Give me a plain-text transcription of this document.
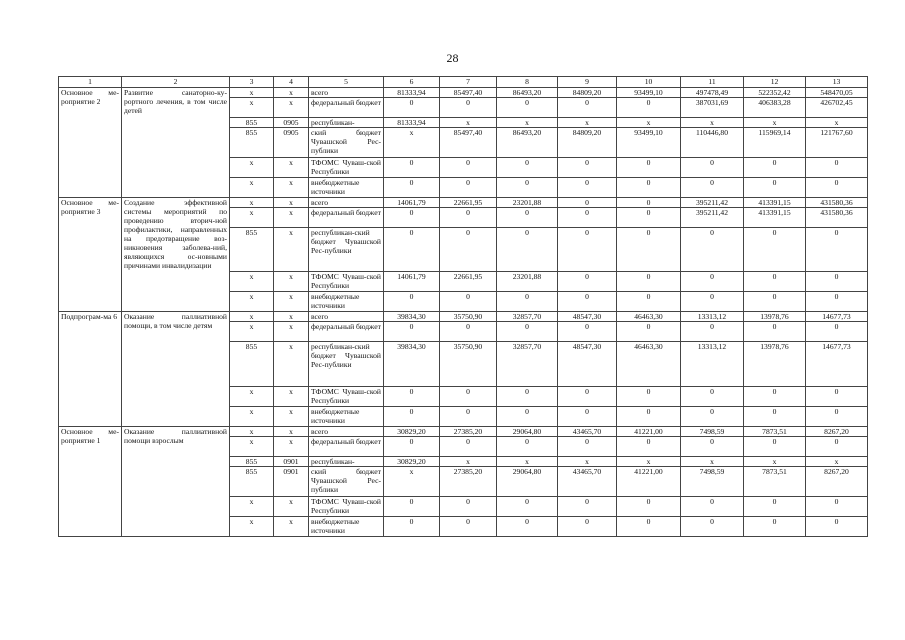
28
1	2	3	4	5	6	7	8	9	10	11	12	13
Основное ме-роприятие 2	Развитие санаторно-ку-рортного лечения, в том числе детей	x	x	всего	81333,94	85497,40	86493,20	84809,20	93499,10	497478,49	522352,42	548470,05
		x	x	федеральный бюджет	0	0	0	0	0	387031,69	406383,28	426702,45
		855	0905	республикан-	81333,94	x	x	x	x	x	x	x
		855	0905	ский бюджет Чувашской Рес-публики	x	85497,40	86493,20	84809,20	93499,10	110446,80	115969,14	121767,60
		x	x	ТФОМС Чуваш-ской Республики	0	0	0	0	0	0	0	0
		x	x	внебюджетные источники	0	0	0	0	0	0	0	0
Основное ме-роприятие 3	Создание эффективной системы мероприятий по проведению вторич-ной профилактики, направленных на предотвращение воз-никновения заболева-ний, являющихся ос-новными причинами инвалидизации	x	x	всего	14061,79	22661,95	23201,88	0	0	395211,42	413391,15	431580,36
		x	x	федеральный бюджет	0	0	0	0	0	395211,42	413391,15	431580,36
		855	x	республикан-ский бюджет Чувашской Рес-публики	0	0	0	0	0	0	0	0
		x	x	ТФОМС Чуваш-ской Республики	14061,79	22661,95	23201,88	0	0	0	0	0
		x	x	внебюджетные источники	0	0	0	0	0	0	0	0
Подпрограм-ма 6	Оказание паллиативной помощи, в том числе детям	x	x	всего	39834,30	35750,90	32857,70	48547,30	46463,30	13313,12	13978,76	14677,73
		x	x	федеральный бюджет	0	0	0	0	0	0	0	0
		855	x	республикан-ский бюджет Чувашской Рес-публики	39834,30	35750,90	32857,70	48547,30	46463,30	13313,12	13978,76	14677,73
		x	x	ТФОМС Чуваш-ской Республики	0	0	0	0	0	0	0	0
		x	x	внебюджетные источники	0	0	0	0	0	0	0	0
Основное ме-роприятие 1	Оказание паллиативной помощи взрослым	x	x	всего	30829,20	27385,20	29064,80	43465,70	41221,00	7498,59	7873,51	8267,20
		x	x	федеральный бюджет	0	0	0	0	0	0	0	0
		855	0901	республикан-	30829,20	x	x	x	x	x	x	x
		855	0901	ский бюджет Чувашской Рес-публики	x	27385,20	29064,80	43465,70	41221,00	7498,59	7873,51	8267,20
		x	x	ТФОМС Чуваш-ской Республики	0	0	0	0	0	0	0	0
		x	x	внебюджетные источники	0	0	0	0	0	0	0	0
